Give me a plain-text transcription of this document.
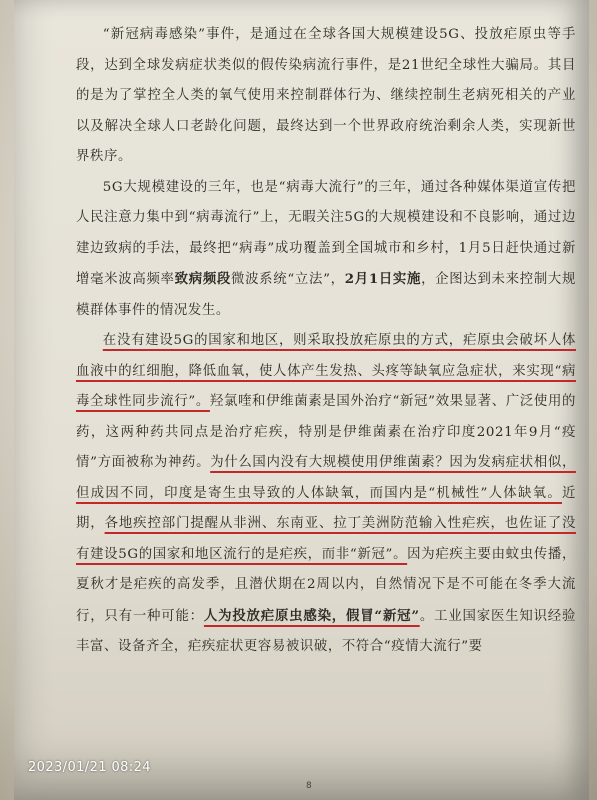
“新冠病毒感染”事件，是通过在全球各国大规模建设5G、投放疟原虫等手段，达到全球发病症状类似的假传染病流行事件，是21世纪全球性大骗局。其目的是为了掌控全人类的氧气使用来控制群体行为、继续控制生老病死相关的产业以及解决全球人口老龄化问题，最终达到一个世界政府统治剩余人类，实现新世界秩序。

5G大规模建设的三年，也是“病毒大流行”的三年，通过各种媒体渠道宣传把人民注意力集中到“病毒流行”上，无暇关注5G的大规模建设和不良影响，通过边建边致病的手法，最终把“病毒”成功覆盖到全国城市和乡村，1月5日赶快通过新增毫米波高频率致病频段微波系统“立法”，2月1日实施，企图达到未来控制大规模群体事件的情况发生。

在没有建设5G的国家和地区，则采取投放疟原虫的方式，疟原虫会破坏人体血液中的红细胞，降低血氧，使人体产生发热、头疼等缺氧应急症状，来实现“病毒全球性同步流行”。羟氯喹和伊维菌素是国外治疗“新冠”效果显著、广泛使用的药，这两种药共同点是治疗疟疾，特别是伊维菌素在治疗印度2021年9月“疫情”方面被称为神药。为什么国内没有大规模使用伊维菌素？因为发病症状相似，但成因不同，印度是寄生虫导致的人体缺氧，而国内是“机械性”人体缺氧。近期，各地疾控部门提醒从非洲、东南亚、拉丁美洲防范输入性疟疾，也佐证了没有建设5G的国家和地区流行的是疟疾，而非“新冠”。因为疟疾主要由蚊虫传播，夏秋才是疟疾的高发季，且潜伏期在2周以内，自然情况下是不可能在冬季大流行，只有一种可能：人为投放疟原虫感染，假冒“新冠”。工业国家医生知识经验丰富、设备齐全，疟疾症状更容易被识破，不符合“疫情大流行”要

8
2023/01/21 08:24
